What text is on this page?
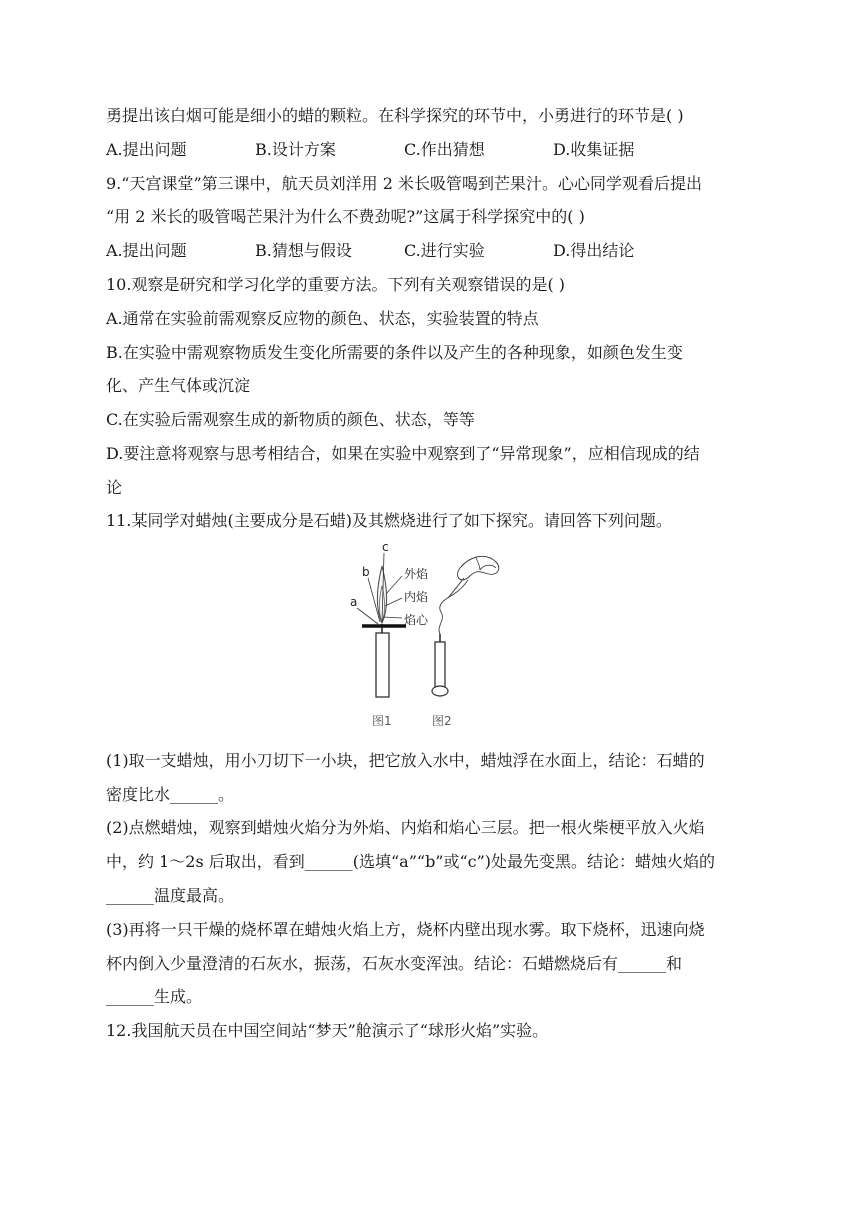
勇提出该白烟可能是细小的蜡的颗粒。在科学探究的环节中，小勇进行的环节是( )
A.提出问题	B.设计方案	C.作出猜想	D.收集证据
9.“天宫课堂”第三课中，航天员刘洋用 2 米长吸管喝到芒果汁。心心同学观看后提出
“用 2 米长的吸管喝芒果汁为什么不费劲呢?”这属于科学探究中的( )
A.提出问题	B.猜想与假设	C.进行实验	D.得出结论
10.观察是研究和学习化学的重要方法。下列有关观察错误的是( )
A.通常在实验前需观察反应物的颜色、状态，实验装置的特点
B.在实验中需观察物质发生变化所需要的条件以及产生的各种现象，如颜色发生变
化、产生气体或沉淀
C.在实验后需观察生成的新物质的颜色、状态，等等
D.要注意将观察与思考相结合，如果在实验中观察到了“异常现象”，应相信现成的结
论
11.某同学对蜡烛(主要成分是石蜡)及其燃烧进行了如下探究。请回答下列问题。
c
b
a
外焰
内焰
焰心
图1	图2
(1)取一支蜡烛，用小刀切下一小块，把它放入水中，蜡烛浮在水面上，结论：石蜡的
密度比水______。
(2)点燃蜡烛，观察到蜡烛火焰分为外焰、内焰和焰心三层。把一根火柴梗平放入火焰
中，约 1～2s 后取出，看到______(选填“a”“b”或“c”)处最先变黑。结论：蜡烛火焰的
______温度最高。
(3)再将一只干燥的烧杯罩在蜡烛火焰上方，烧杯内壁出现水雾。取下烧杯，迅速向烧
杯内倒入少量澄清的石灰水，振荡，石灰水变浑浊。结论：石蜡燃烧后有______和
______生成。
12.我国航天员在中国空间站“梦天”舱演示了“球形火焰”实验。
